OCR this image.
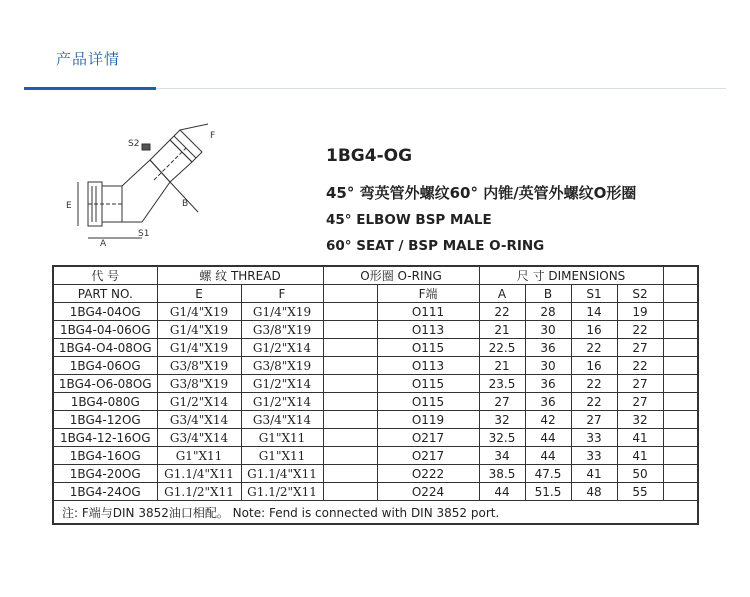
产品详情
S2
F
E	B
A
S1
1BG4-OG
45° 弯英管外螺纹60° 内锥/英管外螺纹O形圈
45° ELBOW BSP MALE
60° SEAT / BSP MALE O-RING
代 号	螺 纹 THREAD		O形圈 O-RING		尺 寸 DIMENSIONS				
PART NO.	E	F		F端	A	B	S1	S2	
1BG4-04OG	G1/4"X19	G1/4"X19		O111	22	28	14	19	
1BG4-04-06OG	G1/4"X19	G3/8"X19		O113	21	30	16	22	
1BG4-O4-08OG	G1/4"X19	G1/2"X14		O115	22.5	36	22	27	
1BG4-06OG	G3/8"X19	G3/8"X19		O113	21	30	16	22	
1BG4-O6-08OG	G3/8"X19	G1/2"X14		O115	23.5	36	22	27	
1BG4-080G	G1/2"X14	G1/2"X14		O115	27	36	22	27	
1BG4-12OG	G3/4"X14	G3/4"X14		O119	32	42	27	32	
1BG4-12-16OG	G3/4"X14	G1"X11		O217	32.5	44	33	41	
1BG4-16OG	G1"X11	G1"X11		O217	34	44	33	41	
1BG4-20OG	G1.1/4"X11	G1.1/4"X11		O222	38.5	47.5	41	50	
1BG4-24OG	G1.1/2"X11	G1.1/2"X11		O224	44	51.5	48	55	
注: F端与DIN 3852油口相配。 Note: Fend is connected with DIN 3852 port.									
